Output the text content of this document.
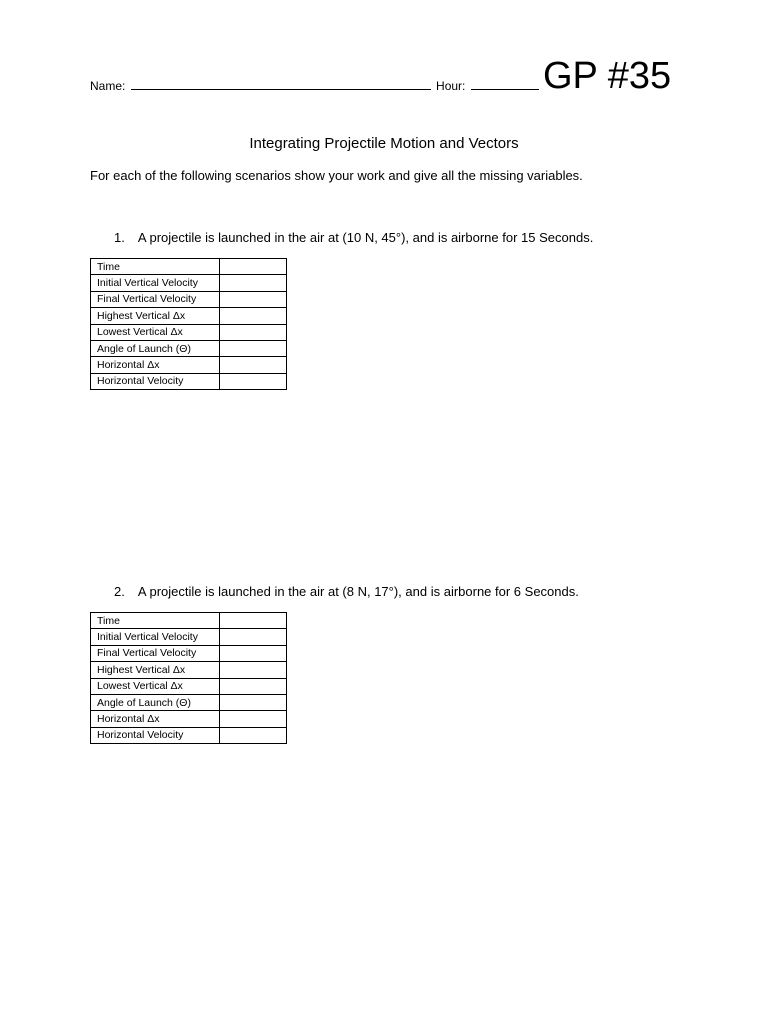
Name:	Hour:	GP #35
Integrating Projectile Motion and Vectors
For each of the following scenarios show your work and give all the missing variables.
1. A projectile is launched in the air at (10 N, 45°), and is airborne for 15 Seconds.
Time	
Initial Vertical Velocity	
Final Vertical Velocity	
Highest Vertical Δx	
Lowest Vertical Δx	
Angle of Launch (Θ)	
Horizontal Δx	
Horizontal Velocity	
2. A projectile is launched in the air at (8 N, 17°), and is airborne for 6 Seconds.
Time	
Initial Vertical Velocity	
Final Vertical Velocity	
Highest Vertical Δx	
Lowest Vertical Δx	
Angle of Launch (Θ)	
Horizontal Δx	
Horizontal Velocity	
